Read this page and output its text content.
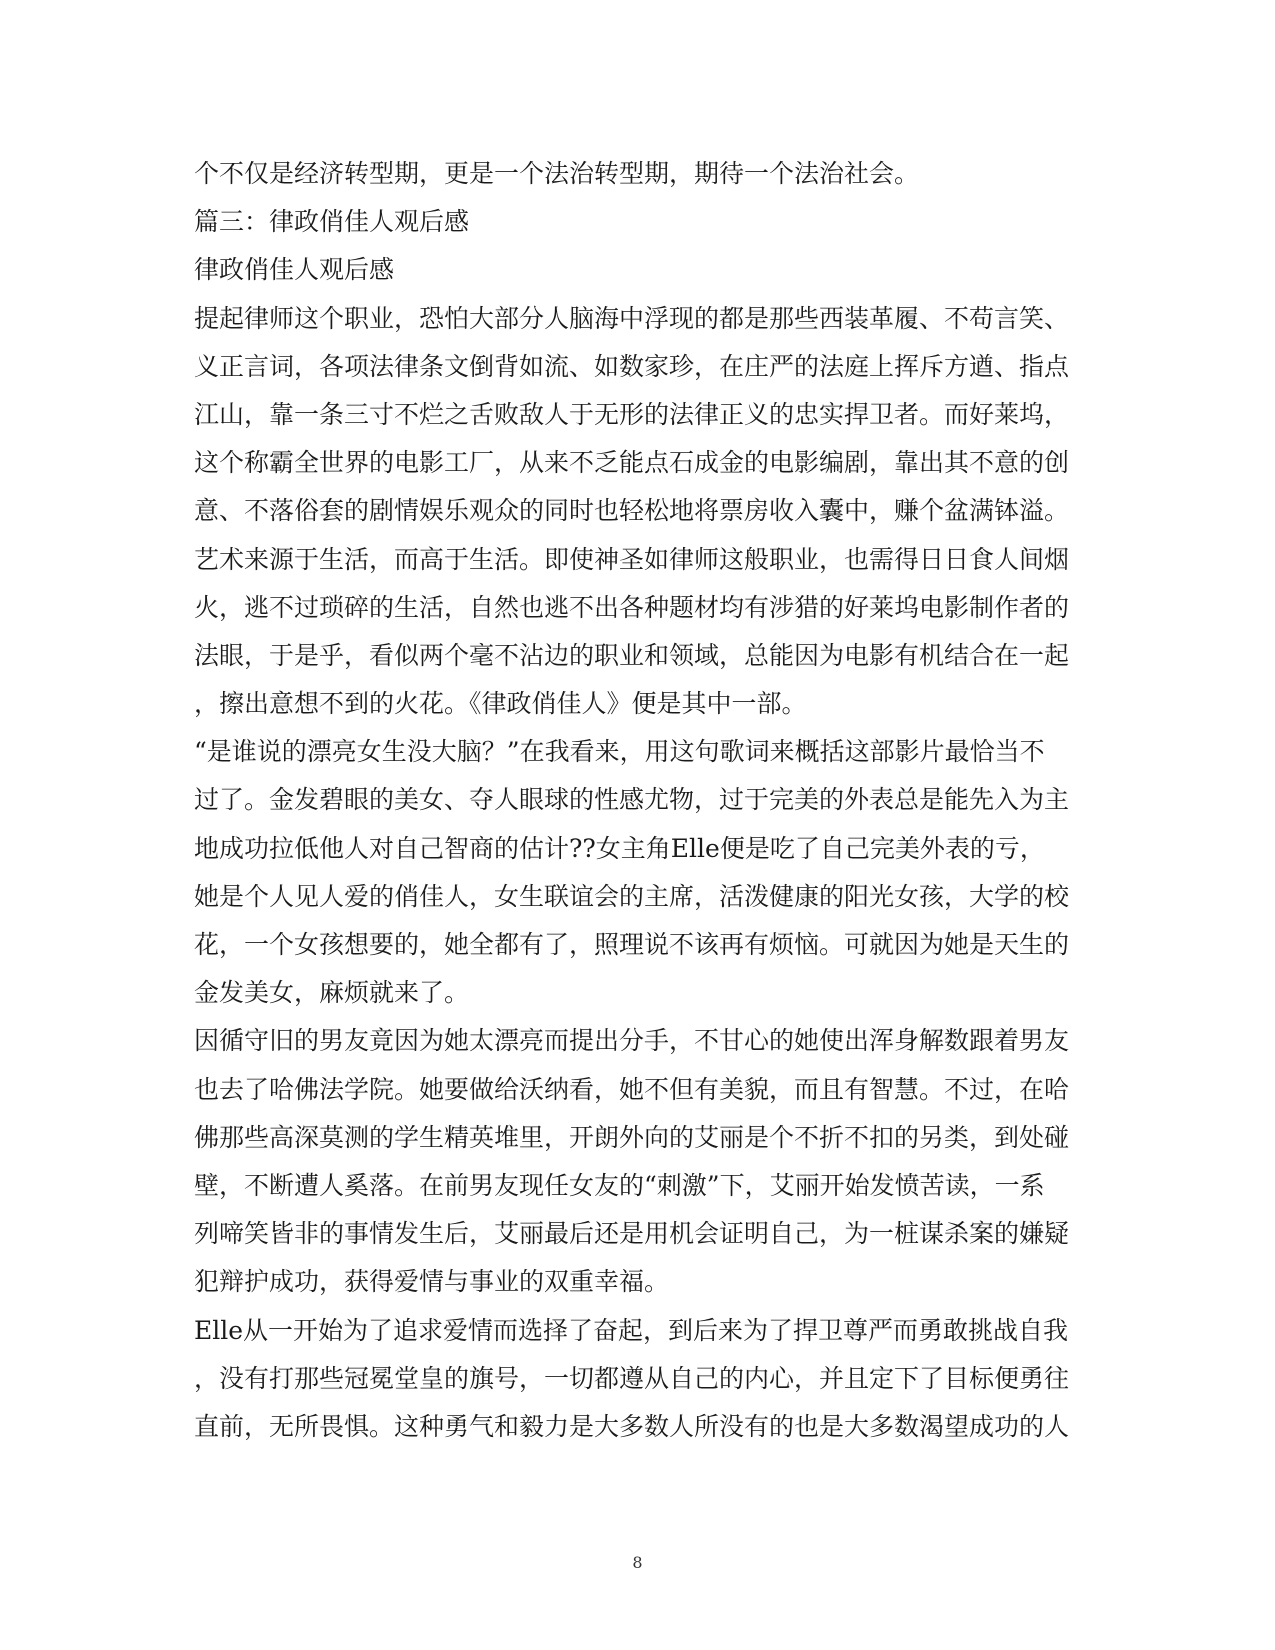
个不仅是经济转型期，更是一个法治转型期，期待一个法治社会。
篇三：律政俏佳人观后感
律政俏佳人观后感
提起律师这个职业，恐怕大部分人脑海中浮现的都是那些西装革履、不苟言笑、
义正言词，各项法律条文倒背如流、如数家珍，在庄严的法庭上挥斥方遒、指点
江山，靠一条三寸不烂之舌败敌人于无形的法律正义的忠实捍卫者。而好莱坞，
这个称霸全世界的电影工厂，从来不乏能点石成金的电影编剧，靠出其不意的创
意、不落俗套的剧情娱乐观众的同时也轻松地将票房收入囊中，赚个盆满钵溢。
艺术来源于生活，而高于生活。即使神圣如律师这般职业，也需得日日食人间烟
火，逃不过琐碎的生活，自然也逃不出各种题材均有涉猎的好莱坞电影制作者的
法眼，于是乎，看似两个毫不沾边的职业和领域，总能因为电影有机结合在一起
，擦出意想不到的火花。《律政俏佳人》便是其中一部。
“是谁说的漂亮女生没大脑？”在我看来，用这句歌词来概括这部影片最恰当不
过了。金发碧眼的美女、夺人眼球的性感尤物，过于完美的外表总是能先入为主
地成功拉低他人对自己智商的估计??女主角Elle便是吃了自己完美外表的亏，
她是个人见人爱的俏佳人，女生联谊会的主席，活泼健康的阳光女孩，大学的校
花，一个女孩想要的，她全都有了，照理说不该再有烦恼。可就因为她是天生的
金发美女，麻烦就来了。
因循守旧的男友竟因为她太漂亮而提出分手，不甘心的她使出浑身解数跟着男友
也去了哈佛法学院。她要做给沃纳看，她不但有美貌，而且有智慧。不过，在哈
佛那些高深莫测的学生精英堆里，开朗外向的艾丽是个不折不扣的另类，到处碰
壁，不断遭人奚落。在前男友现任女友的“刺激”下，艾丽开始发愤苦读，一系
列啼笑皆非的事情发生后，艾丽最后还是用机会证明自己，为一桩谋杀案的嫌疑
犯辩护成功，获得爱情与事业的双重幸福。
Elle从一开始为了追求爱情而选择了奋起，到后来为了捍卫尊严而勇敢挑战自我
，没有打那些冠冕堂皇的旗号，一切都遵从自己的内心，并且定下了目标便勇往
直前，无所畏惧。这种勇气和毅力是大多数人所没有的也是大多数渴望成功的人
8
